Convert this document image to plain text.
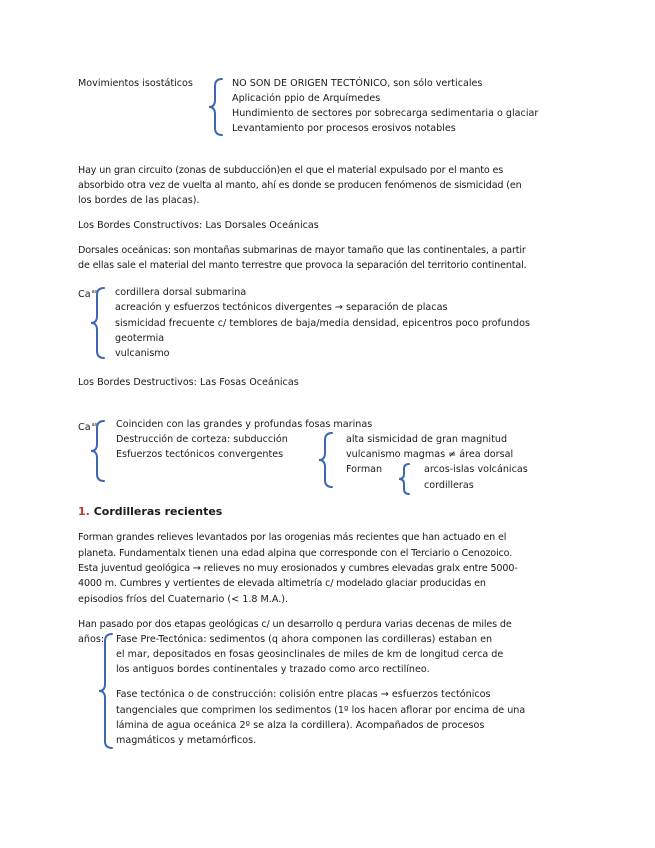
Movimientos isostáticos	NO SON DE ORIGEN TECTÓNICO, son sólo verticales
Aplicación ppio de Arquímedes
Hundimiento de sectores por sobrecarga sedimentaria o glaciar
Levantamiento por procesos erosivos notables
Hay un gran circuito (zonas de subducción)en el que el material expulsado por el manto es
absorbido otra vez de vuelta al manto, ahí es donde se producen fenómenos de sismicidad (en
los bordes de las placas).
Los Bordes Constructivos: Las Dorsales Oceánicas
Dorsales oceánicas: son montañas submarinas de mayor tamaño que las continentales, a partir
de ellas sale el material del manto terrestre que provoca la separación del territorio continental.
$Ca^{as}$ cordillera dorsal submarina
acreación y esfuerzos tectónicos divergentes → separación de placas
sismicidad frecuente c/ temblores de baja/media densidad, epicentros poco profundos
geotermia
vulcanismo
Los Bordes Destructivos: Las Fosas Oceánicas
$Ca^{as}$ Coinciden con las grandes y profundas fosas marinas
Destrucción de corteza: subducción
Esfuerzos tectónicos convergentes
alta sismicidad de gran magnitud
vulcanismo magmas ≠ área dorsal
Forman	arcos-islas volcánicas
cordilleras
1. Cordilleras recientes
Forman grandes relieves levantados por las orogenias más recientes que han actuado en el
planeta. Fundamentalx tienen una edad alpina que corresponde con el Terciario o Cenozoico.
Esta juventud geológica → relieves no muy erosionados y cumbres elevadas gralx entre 5000-
4000 m. Cumbres y vertientes de elevada altimetría c/ modelado glaciar producidas en
episodios fríos del Cuaternario (< 1.8 M.A.).
Han pasado por dos etapas geológicas c/ un desarrollo q perdura varias decenas de miles de
años: Fase Pre-Tectónica: sedimentos (q ahora componen las cordilleras) estaban en
el mar, depositados en fosas geosinclinales de miles de km de longitud cerca de
los antiguos bordes continentales y trazado como arco rectilíneo.
Fase tectónica o de construcción: colisión entre placas → esfuerzos tectónicos
tangenciales que comprimen los sedimentos (1º los hacen aflorar por encima de una
lámina de agua oceánica 2º se alza la cordillera). Acompañados de procesos
magmáticos y metamórficos.
